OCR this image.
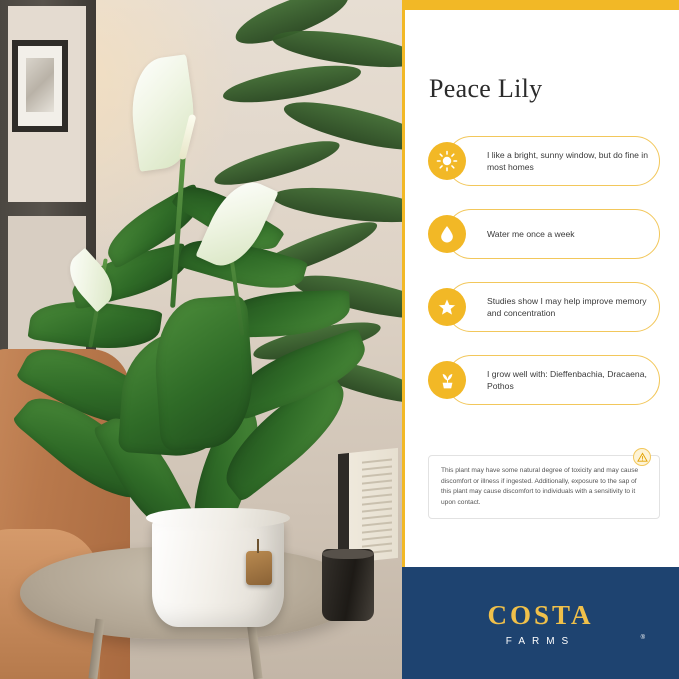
Peace Lily
I like a bright, sunny window, but do fine in most homes
Water me once a week
Studies show I may help improve memory and concentration
I grow well with: Dieffenbachia, Dracaena, Pothos
This plant may have some natural degree of toxicity and may cause discomfort or illness if ingested. Additionally, exposure to the sap of this plant may cause discomfort to individuals with a sensitivity to it upon contact.
COSTA
FARMS	®
